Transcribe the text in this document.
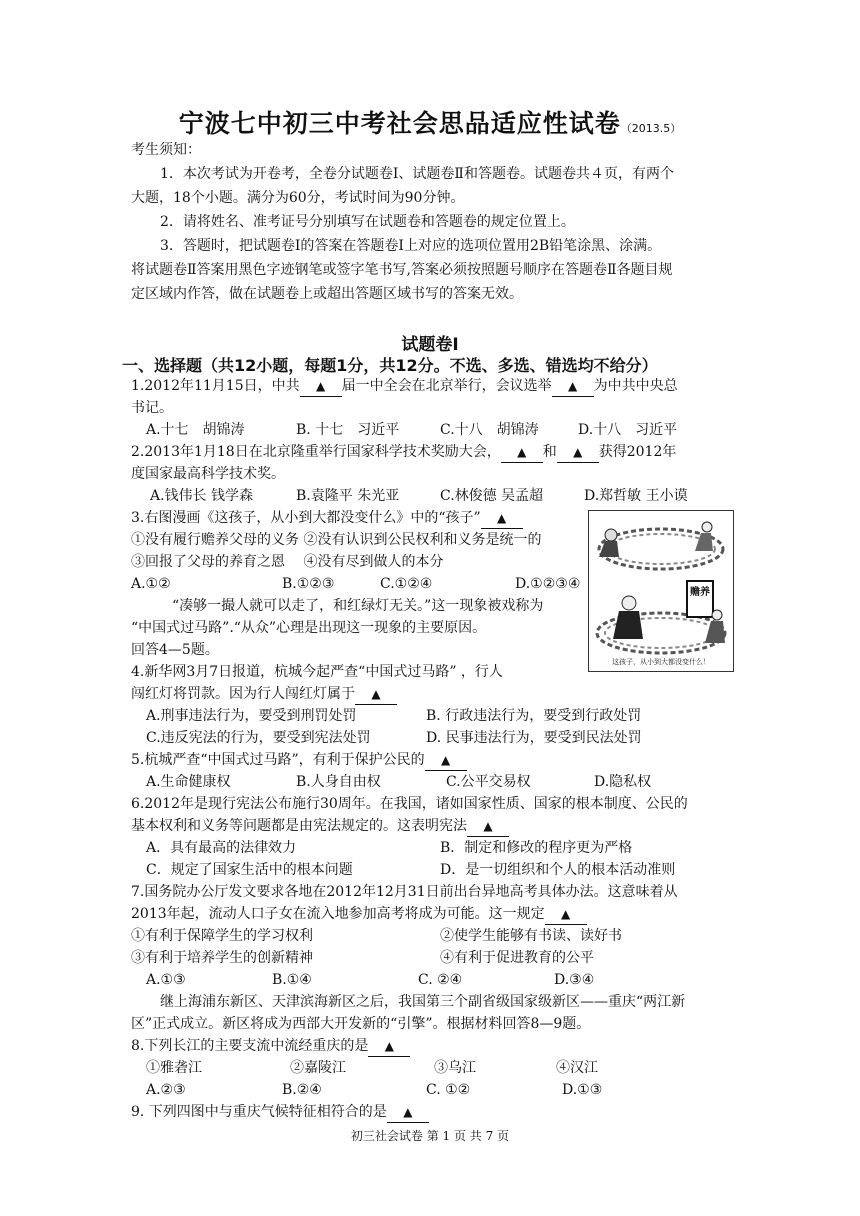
宁波七中初三中考社会思品适应性试卷（2013.5）
考生须知：
1．本次考试为开卷考，全卷分试题卷Ⅰ、试题卷Ⅱ和答题卷。试题卷共４页，有两个
大题，18个小题。满分为60分，考试时间为90分钟。
2．请将姓名、准考证号分别填写在试题卷和答题卷的规定位置上。
3．答题时，把试题卷Ⅰ的答案在答题卷Ⅰ上对应的选项位置用2B铅笔涂黑、涂满。
将试题卷Ⅱ答案用黑色字迹钢笔或签字笔书写,答案必须按照题号顺序在答题卷Ⅱ各题目规
定区域内作答，做在试题卷上或超出答题区域书写的答案无效。
试题卷Ⅰ
一、选择题（共12小题，每题1分，共12分。不选、多选、错选均不给分）
1.2012年11月15日，中共 ▲ 届一中全会在北京举行，会议选举 ▲ 为中共中央总
书记。
A.十七　胡锦涛	B. 十七　习近平	C.十八　胡锦涛	D.十八　习近平
2.2013年1月18日在北京隆重举行国家科学技术奖励大会， ▲ 和 ▲ 获得2012年
度国家最高科学技术奖。
A.钱伟长 钱学森	B.袁隆平 朱光亚	C.林俊德 吴孟超	D.郑哲敏 王小谟
3.右图漫画《这孩子，从小到大都没变什么》中的“孩子” ▲
①没有履行赡养父母的义务 ②没有认识到公民权利和义务是统一的
③回报了父母的养育之恩　 ④没有尽到做人的本分
A.①②	B.①②③	C.①②④	D.①②③④
赡养
这孩子，从小到大都没变什么！
“凑够一撮人就可以走了，和红绿灯无关。”这一现象被戏称为
“中国式过马路”.“从众”心理是出现这一现象的主要原因。
回答4—5题。
4.新华网3月7日报道，杭城今起严查“中国式过马路” ，行人
闯红灯将罚款。因为行人闯红灯属于 ▲
A.刑事违法行为，要受到刑罚处罚	B. 行政违法行为，要受到行政处罚
C.违反宪法的行为，要受到宪法处罚	D. 民事违法行为，要受到民法处罚
5.杭城严查“中国式过马路”，有利于保护公民的 ▲
A.生命健康权	B.人身自由权	C.公平交易权	D.隐私权
6.2012年是现行宪法公布施行30周年。在我国，诸如国家性质、国家的根本制度、公民的
基本权利和义务等问题都是由宪法规定的。这表明宪法 ▲
A．具有最高的法律效力	B．制定和修改的程序更为严格
C．规定了国家生活中的根本问题	D．是一切组织和个人的根本活动准则
7.国务院办公厅发文要求各地在2012年12月31日前出台异地高考具体办法。这意味着从
2013年起，流动人口子女在流入地参加高考将成为可能。这一规定 ▲
①有利于保障学生的学习权利	②使学生能够有书读、读好书
③有利于培养学生的创新精神	④有利于促进教育的公平
A.①③	B.①④	C. ②④	D.③④
继上海浦东新区、天津滨海新区之后，我国第三个副省级国家级新区——重庆“两江新
区”正式成立。新区将成为西部大开发新的“引擎”。根据材料回答8—9题。
8.下列长江的主要支流中流经重庆的是 ▲
①雅砻江	②嘉陵江	③乌江	④汉江
A.②③	B.②④	C. ①②	D.①③
9. 下列四图中与重庆气候特征相符合的是 ▲
初三社会试卷 第 1 页 共 7 页
